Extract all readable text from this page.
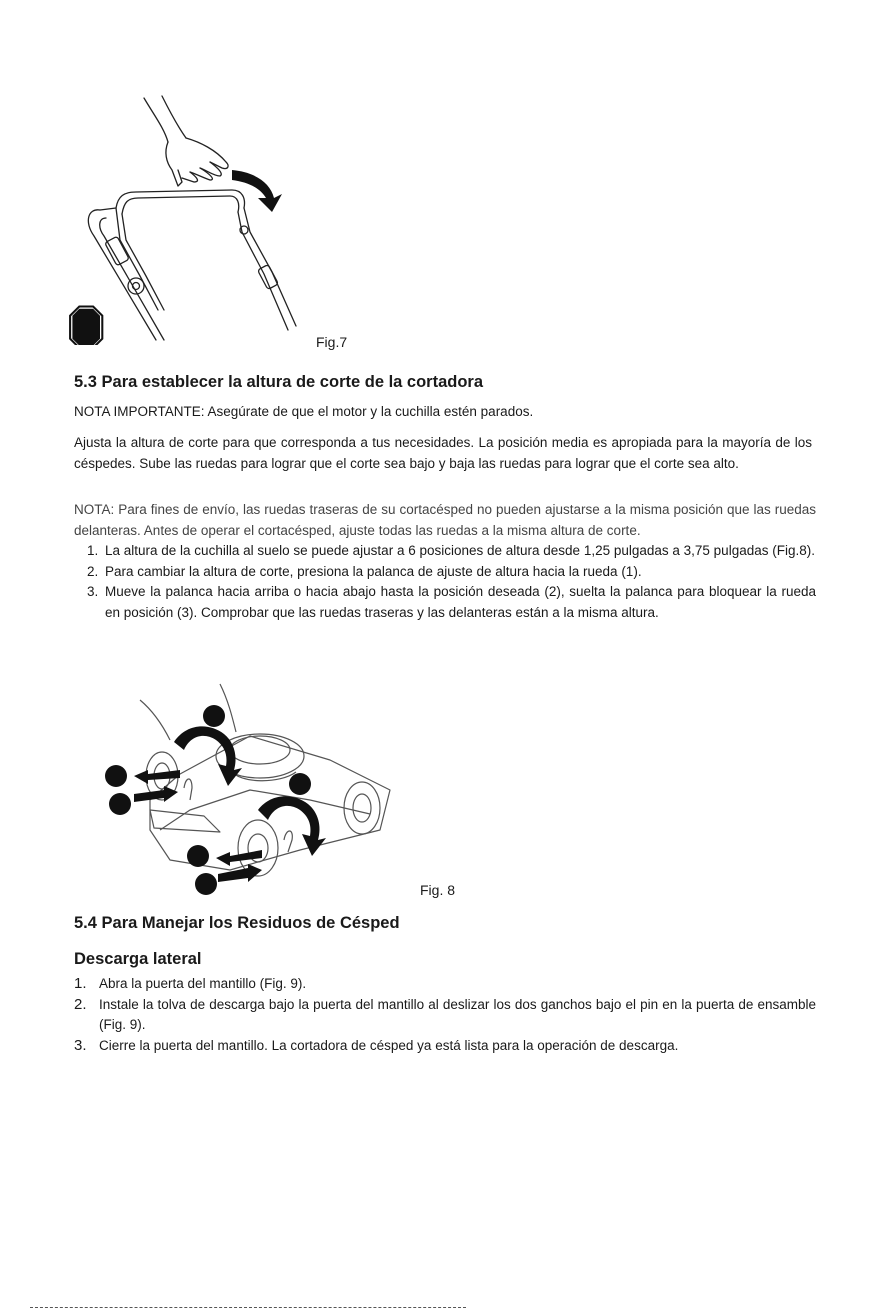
STOP
Fig.7
5.3 Para establecer la altura de corte de la cortadora
NOTA IMPORTANTE: Asegúrate de que el motor y la cuchilla estén parados.
Ajusta la altura de corte para que corresponda a tus necesidades. La posición media es apropiada para la mayoría de los céspedes. Sube las ruedas para lograr que el corte sea bajo y baja las ruedas para lograr que el corte sea alto.
NOTA: Para fines de envío, las ruedas traseras de su cortacésped no pueden ajustarse a la misma posición que las ruedas delanteras. Antes de operar el cortacésped, ajuste todas las ruedas a la misma altura de corte.
1. La altura de la cuchilla al suelo se puede ajustar a 6 posiciones de altura desde 1,25 pulgadas a 3,75 pulgadas (Fig.8).
2. Para cambiar la altura de corte, presiona la palanca de ajuste de altura hacia la rueda (1).
3. Mueve la palanca hacia arriba o hacia abajo hasta la posición deseada (2), suelta la palanca para bloquear la rueda en posición (3). Comprobar que las ruedas traseras y las delanteras están a la misma altura.
Fig. 8
5.4 Para Manejar los Residuos de Césped
Descarga lateral
1. Abra la puerta del mantillo (Fig. 9).
2. Instale la tolva de descarga bajo la puerta del mantillo al deslizar los dos ganchos bajo el pin en la puerta de ensamble (Fig. 9).
3. Cierre la puerta del mantillo. La cortadora de césped ya está lista para la operación de descarga.
